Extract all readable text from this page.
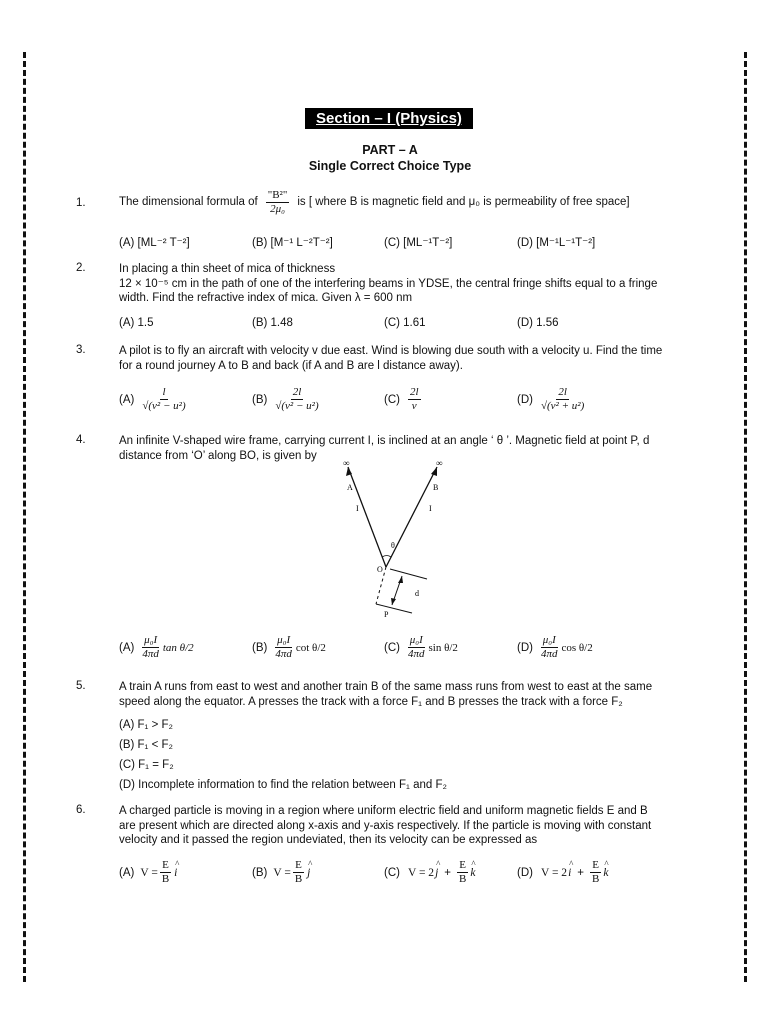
Section – I (Physics)
PART – A
Single Correct Choice Type
1.	The dimensional formula of $\frac{\text{"B²"}}{\text{2μ₀}}$ is [ where B is magnetic field and μ₀ is permeability of free space]
(A) [ML⁻² T⁻²]	(B) [M⁻¹ L⁻²T⁻²]	(C) [ML⁻¹T⁻²]	(D) [M⁻¹L⁻¹T⁻²]
2.	In placing a thin sheet of mica of thickness
12 × 10⁻⁵ cm in the path of one of the interfering beams in YDSE, the central fringe shifts equal to a fringe
width. Find the refractive index of mica. Given λ = 600 nm
(A) 1.5	(B) 1.48	(C) 1.61	(D) 1.56
3.	A pilot is to fly an aircraft with velocity v due east. Wind is blowing due south with a velocity u. Find the time
for a round journey A to B and back (if A and B are l distance away).
$(A) \frac{l}{\text{√(v² − u²)}}$	$(B) \frac{2l}{\text{√(v² − u²)}}$	$(C) \frac{2l}{v}$	$(D) \frac{2l}{\text{√(v² + u²)}}$
4.	An infinite V-shaped wire frame, carrying current I, is inclined at an angle ‘ θ ’. Magnetic field at point P, d
distance from ‘O’ along BO, is given by
∞	∞
A	B
I	I
θ
O
d
P
$(A) \frac{\text{μ₀I}}{4\pi d}$ tan θ/2	$(B) \frac{\text{μ₀I}}{4\pi d}$ cot θ/2	$(C) \frac{\text{μ₀I}}{4\pi d}$ sin θ/2	$(D) \frac{\text{μ₀I}}{4\pi d}$ cos θ/2
5.	A train A runs from east to west and another train B of the same mass runs from west to east at the same
speed along the equator. A presses the track with a force F₁ and B presses the track with a force F₂
(A) F₁ > F₂
(B) F₁ < F₂
(C) F₁ = F₂
(D) Incomplete information to find the relation between F₁ and F₂
6.	A charged particle is moving in a region where uniform electric field and uniform magnetic fields E and B
are present which are directed along x-axis and y-axis respectively. If the particle is moving with constant
velocity and it passed the region undeviated, then its velocity can be expressed as
(A) $V = \frac{E}{B}$ ^ i	(B) $V = \frac{E}{B}$ ^ j	(C) V = 2 ^ $j + \frac{E}{B}$ ^ k	(D) V = 2 ^ $i + \frac{E}{B}$ ^ k
